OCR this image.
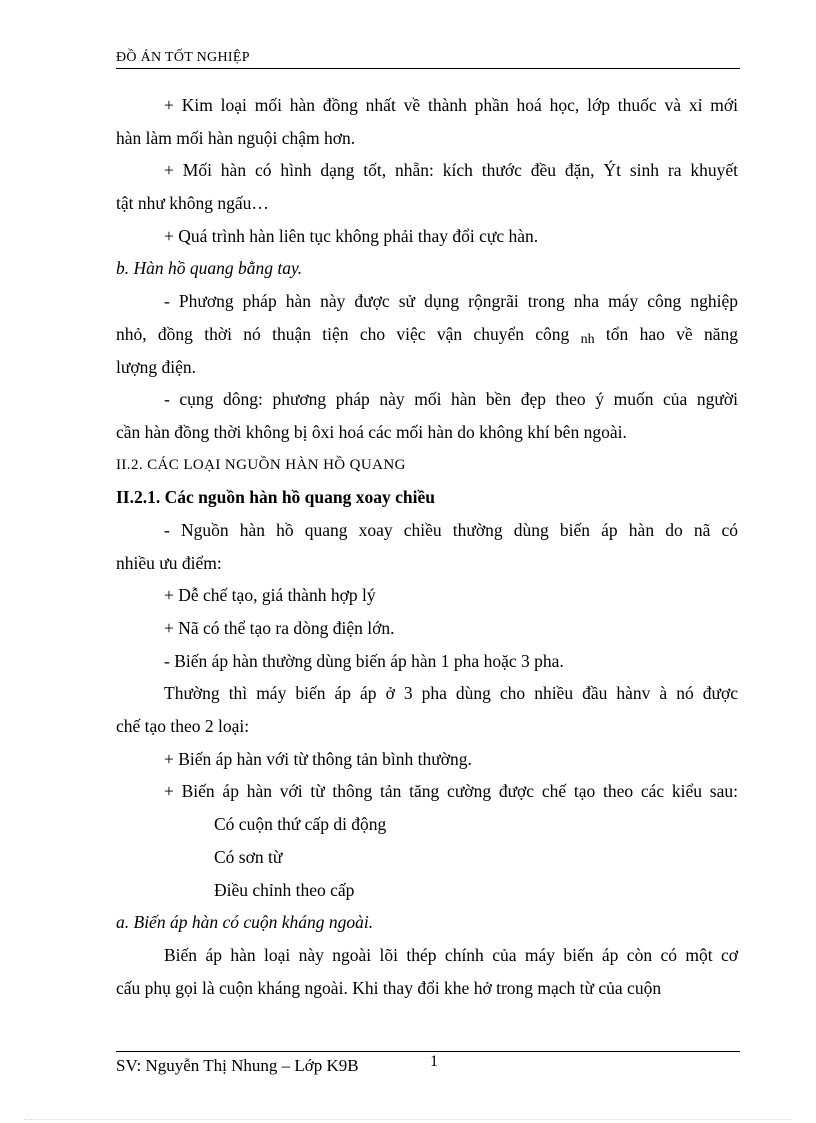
ĐỒ ÁN TỐT NGHIỆP
+ Kim loại mối hàn đồng nhất về thành phần hoá học, lớp thuốc và xỉ mới
hàn làm mối hàn nguội chậm hơn.
+ Mối hàn có hình dạng tốt, nhẵn: kích thước đều đặn, Ýt sinh ra khuyết
tật như không ngấu…
+ Quá trình hàn liên tục không phải thay đổi cực hàn.
b. Hàn hồ quang bằng tay.
- Phương pháp hàn này được sử dụng rộngrãi trong nha máy công nghiệp
nhỏ, đồng thời nó thuận tiện cho việc vận chuyển công nh tổn hao về năng
lượng điện.
- cụng dông: phương pháp này mối hàn bền đẹp theo ý muốn của người
cần hàn đồng thời không bị ôxi hoá các mối hàn do không khí bên ngoài.
II.2. CÁC LOẠI NGUỒN HÀN HỒ QUANG
II.2.1. Các nguồn hàn hồ quang xoay chiều
- Nguồn hàn hồ quang xoay chiều thường dùng biến áp hàn do nã có
nhiều ưu điểm:
+ Dễ chế tạo, giá thành hợp lý
+ Nã có thể tạo ra dòng điện lớn.
- Biến áp hàn thường dùng biến áp hàn 1 pha hoặc 3 pha.
Thường thì máy biến áp áp ở 3 pha dùng cho nhiều đầu hànv à nó được
chế tạo theo 2 loại:
+ Biến áp hàn với từ thông tản bình thường.
+ Biến áp hàn với từ thông tản tăng cường được chế tạo theo các kiểu sau:
Có cuộn thứ cấp di động
Có sơn từ
Điều chỉnh theo cấp
a. Biến áp hàn có cuộn kháng ngoài.
Biến áp hàn loại này ngoài lõi thép chính của máy biến áp còn có một cơ
cấu phụ gọi là cuộn kháng ngoài. Khi thay đổi khe hở trong mạch từ của cuộn
SV: Nguyễn Thị Nhung – Lớp K9B	1
